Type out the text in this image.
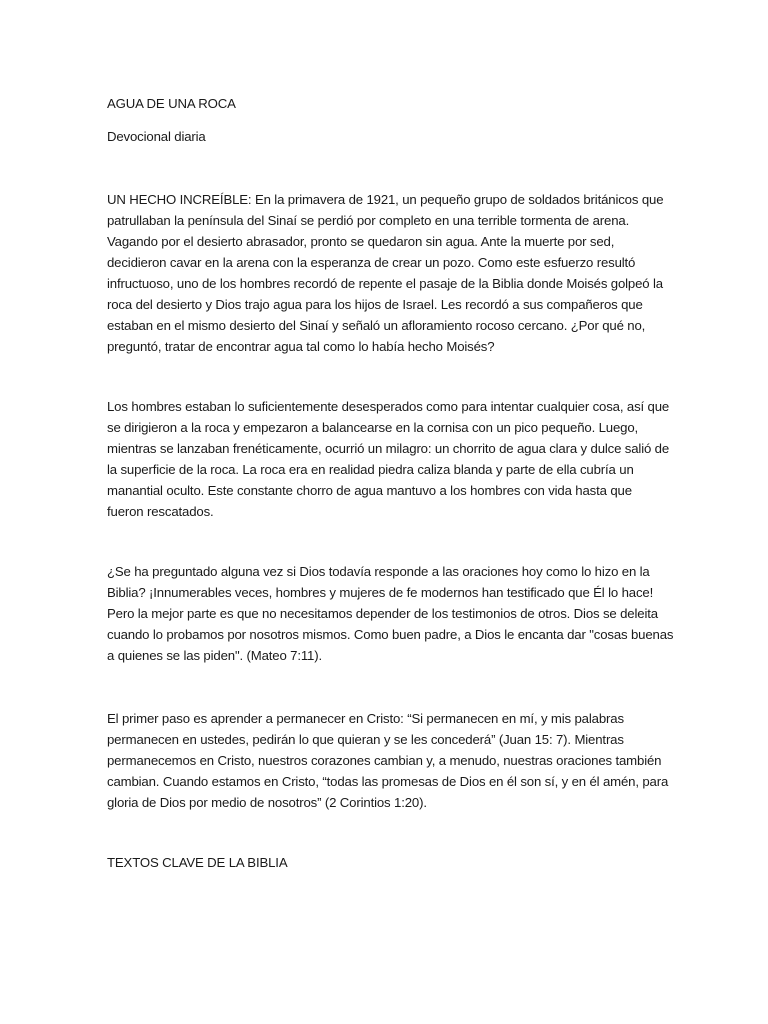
AGUA DE UNA ROCA
Devocional diaria
UN HECHO INCREÍBLE: En la primavera de 1921, un pequeño grupo de soldados británicos que
patrullaban la península del Sinaí se perdió por completo en una terrible tormenta de arena.
Vagando por el desierto abrasador, pronto se quedaron sin agua. Ante la muerte por sed,
decidieron cavar en la arena con la esperanza de crear un pozo. Como este esfuerzo resultó
infructuoso, uno de los hombres recordó de repente el pasaje de la Biblia donde Moisés golpeó la
roca del desierto y Dios trajo agua para los hijos de Israel. Les recordó a sus compañeros que
estaban en el mismo desierto del Sinaí y señaló un afloramiento rocoso cercano. ¿Por qué no,
preguntó, tratar de encontrar agua tal como lo había hecho Moisés?
Los hombres estaban lo suficientemente desesperados como para intentar cualquier cosa, así que
se dirigieron a la roca y empezaron a balancearse en la cornisa con un pico pequeño. Luego,
mientras se lanzaban frenéticamente, ocurrió un milagro: un chorrito de agua clara y dulce salió de
la superficie de la roca. La roca era en realidad piedra caliza blanda y parte de ella cubría un
manantial oculto. Este constante chorro de agua mantuvo a los hombres con vida hasta que
fueron rescatados.
¿Se ha preguntado alguna vez si Dios todavía responde a las oraciones hoy como lo hizo en la
Biblia? ¡Innumerables veces, hombres y mujeres de fe modernos han testificado que Él lo hace!
Pero la mejor parte es que no necesitamos depender de los testimonios de otros. Dios se deleita
cuando lo probamos por nosotros mismos. Como buen padre, a Dios le encanta dar "cosas buenas
a quienes se las piden". (Mateo 7:11).
El primer paso es aprender a permanecer en Cristo: “Si permanecen en mí, y mis palabras
permanecen en ustedes, pedirán lo que quieran y se les concederá” (Juan 15: 7). Mientras
permanecemos en Cristo, nuestros corazones cambian y, a menudo, nuestras oraciones también
cambian. Cuando estamos en Cristo, “todas las promesas de Dios en él son sí, y en él amén, para
gloria de Dios por medio de nosotros” (2 Corintios 1:20).
TEXTOS CLAVE DE LA BIBLIA
